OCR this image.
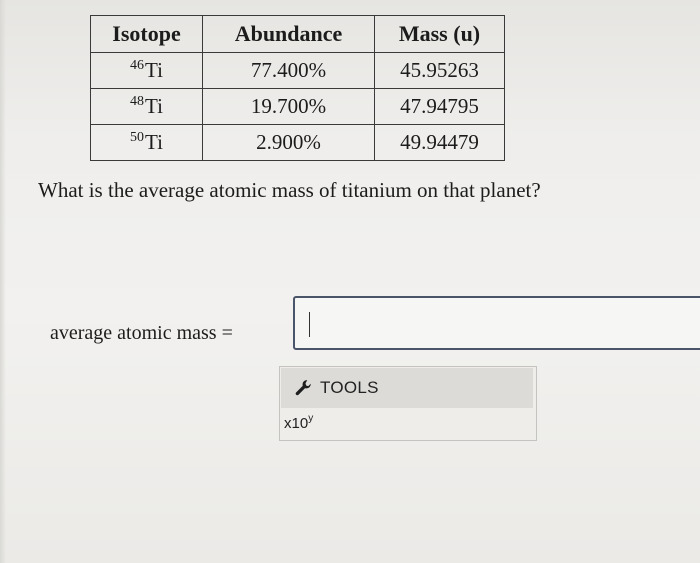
Isotope	Abundance	Mass (u)
$^{46}$Ti	77.400%	45.95263
$^{48}$Ti	19.700%	47.94795
$^{50}$Ti	2.900%	49.94479
What is the average atomic mass of titanium on that planet?
average atomic mass =
TOOLS
x10$^y$
